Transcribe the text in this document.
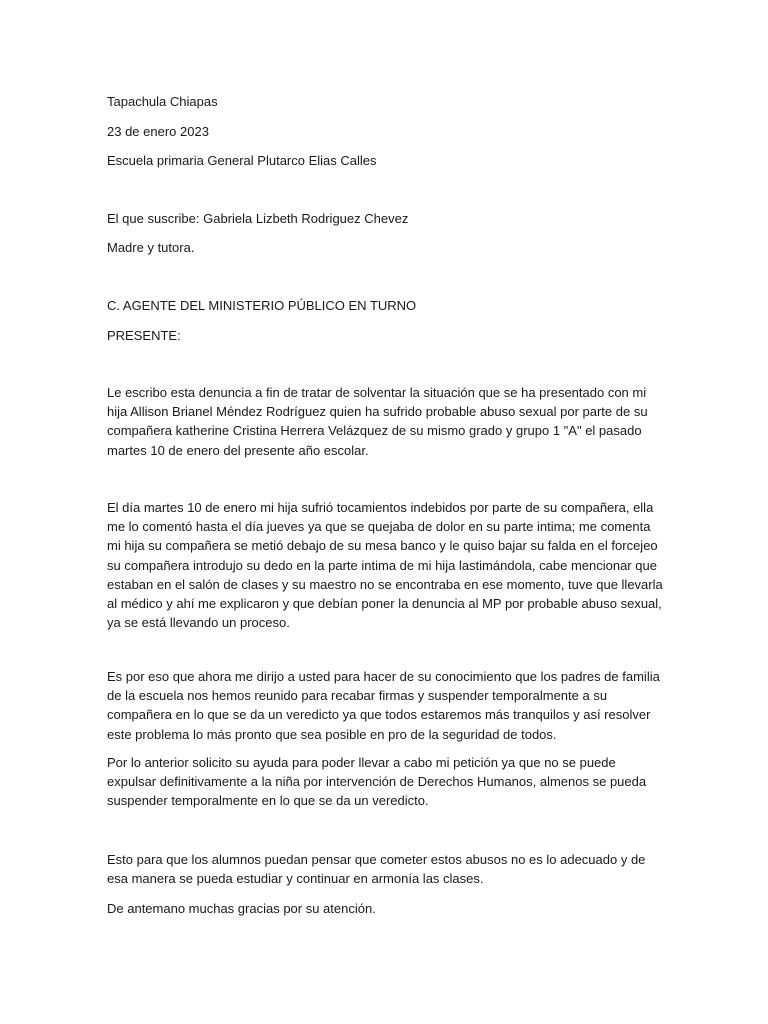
Tapachula Chiapas
23 de enero 2023
Escuela primaria General Plutarco Elias Calles
El que suscribe: Gabriela Lizbeth Rodriguez Chevez
Madre y tutora.
C. AGENTE DEL MINISTERIO PÚBLICO EN TURNO
PRESENTE:
Le escribo esta denuncia a fin de tratar de solventar la situación que se ha presentado con mi hija Allison Brianel Méndez Rodríguez quien ha sufrido probable abuso sexual por parte de su compañera katherine Cristina Herrera Velázquez de su mismo grado y grupo 1 "A" el pasado martes 10 de enero del presente año escolar.
El día martes 10 de enero mi hija sufrió tocamientos indebidos por parte de su compañera, ella me lo comentó hasta el día jueves ya que se quejaba de dolor en su parte intima; me comenta mi hija su compañera se metió debajo de su mesa banco y le quiso bajar su falda en el forcejeo su compañera introdujo su dedo en la parte intima de mi hija lastimándola, cabe mencionar que estaban en el salón de clases y su maestro no se encontraba en ese momento, tuve que llevarla al médico y ahí me explicaron y que debían poner la denuncia al MP por probable abuso sexual, ya se está llevando un proceso.
Es por eso que ahora me dirijo a usted para hacer de su conocimiento que los padres de familia de la escuela nos hemos reunido para recabar firmas y suspender temporalmente a su compañera en lo que se da un veredicto ya que todos estaremos más tranquilos y así resolver este problema lo más pronto que sea posible en pro de la seguridad de todos.
Por lo anterior solicito su ayuda para poder llevar a cabo mi petición ya que no se puede expulsar definitivamente a la niña por intervención de Derechos Humanos, almenos se pueda suspender temporalmente en lo que se da un veredicto.
Esto para que los alumnos puedan pensar que cometer estos abusos no es lo adecuado y de esa manera se pueda estudiar y continuar en armonía las clases.
De antemano muchas gracias por su atención.
